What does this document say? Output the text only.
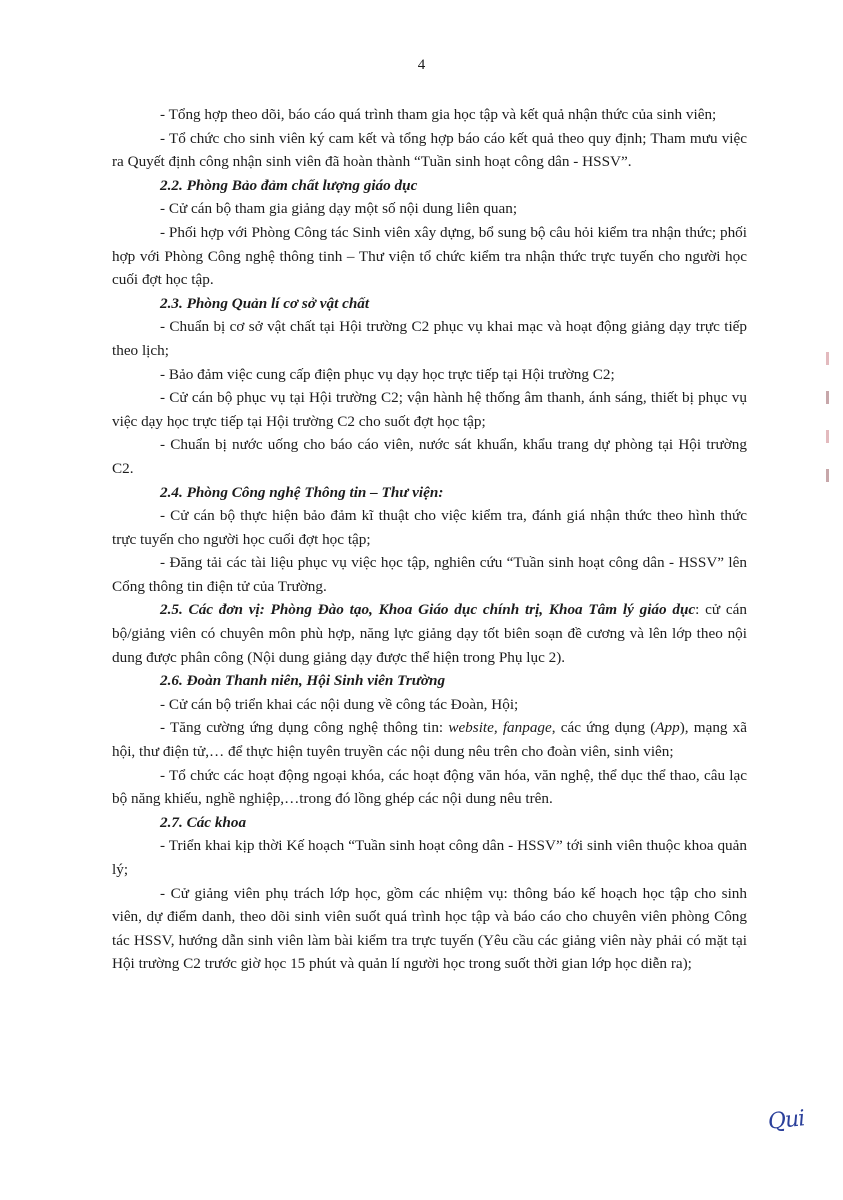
4

- Tổng hợp theo dõi, báo cáo quá trình tham gia học tập và kết quả nhận thức của sinh viên;

- Tổ chức cho sinh viên ký cam kết và tổng hợp báo cáo kết quả theo quy định; Tham mưu việc ra Quyết định công nhận sinh viên đã hoàn thành “Tuần sinh hoạt công dân - HSSV”.

2.2. Phòng Bảo đảm chất lượng giáo dục

- Cử cán bộ tham gia giảng dạy một số nội dung liên quan;

- Phối hợp với Phòng Công tác Sinh viên xây dựng, bổ sung bộ câu hỏi kiểm tra nhận thức; phối hợp với Phòng Công nghệ thông tinh – Thư viện tổ chức kiểm tra nhận thức trực tuyến cho người học cuối đợt học tập.

2.3. Phòng Quản lí cơ sở vật chất

- Chuẩn bị cơ sở vật chất tại Hội trường C2 phục vụ khai mạc và hoạt động giảng dạy trực tiếp theo lịch;

- Bảo đảm việc cung cấp điện phục vụ dạy học trực tiếp tại Hội trường C2;

- Cử cán bộ phục vụ tại Hội trường C2; vận hành hệ thống âm thanh, ánh sáng, thiết bị phục vụ việc dạy học trực tiếp tại Hội trường C2 cho suốt đợt học tập;

- Chuẩn bị nước uống cho báo cáo viên, nước sát khuẩn, khẩu trang dự phòng tại Hội trường C2.

2.4. Phòng Công nghệ Thông tin – Thư viện:

- Cử cán bộ thực hiện bảo đảm kĩ thuật cho việc kiểm tra, đánh giá nhận thức theo hình thức trực tuyến cho người học cuối đợt học tập;

- Đăng tải các tài liệu phục vụ việc học tập, nghiên cứu “Tuần sinh hoạt công dân - HSSV” lên Cổng thông tin điện tử của Trường.

2.5. Các đơn vị: Phòng Đào tạo, Khoa Giáo dục chính trị, Khoa Tâm lý giáo dục: cử cán bộ/giảng viên có chuyên môn phù hợp, năng lực giảng dạy tốt biên soạn đề cương và lên lớp theo nội dung được phân công (Nội dung giảng dạy được thể hiện trong Phụ lục 2).

2.6. Đoàn Thanh niên, Hội Sinh viên Trường

- Cử cán bộ triển khai các nội dung về công tác Đoàn, Hội;

- Tăng cường ứng dụng công nghệ thông tin: website, fanpage, các ứng dụng (App), mạng xã hội, thư điện tử,… để thực hiện tuyên truyền các nội dung nêu trên cho đoàn viên, sinh viên;

- Tổ chức các hoạt động ngoại khóa, các hoạt động văn hóa, văn nghệ, thể dục thể thao, câu lạc bộ năng khiếu, nghề nghiệp,…trong đó lồng ghép các nội dung nêu trên.

2.7. Các khoa

- Triển khai kịp thời Kế hoạch “Tuần sinh hoạt công dân - HSSV” tới sinh viên thuộc khoa quản lý;

- Cử giảng viên phụ trách lớp học, gồm các nhiệm vụ: thông báo kế hoạch học tập cho sinh viên, dự điểm danh, theo dõi sinh viên suốt quá trình học tập và báo cáo cho chuyên viên phòng Công tác HSSV, hướng dẫn sinh viên làm bài kiểm tra trực tuyến (Yêu cầu các giảng viên này phải có mặt tại Hội trường C2 trước giờ học 15 phút và quản lí người học trong suốt thời gian lớp học diễn ra);

Qui
